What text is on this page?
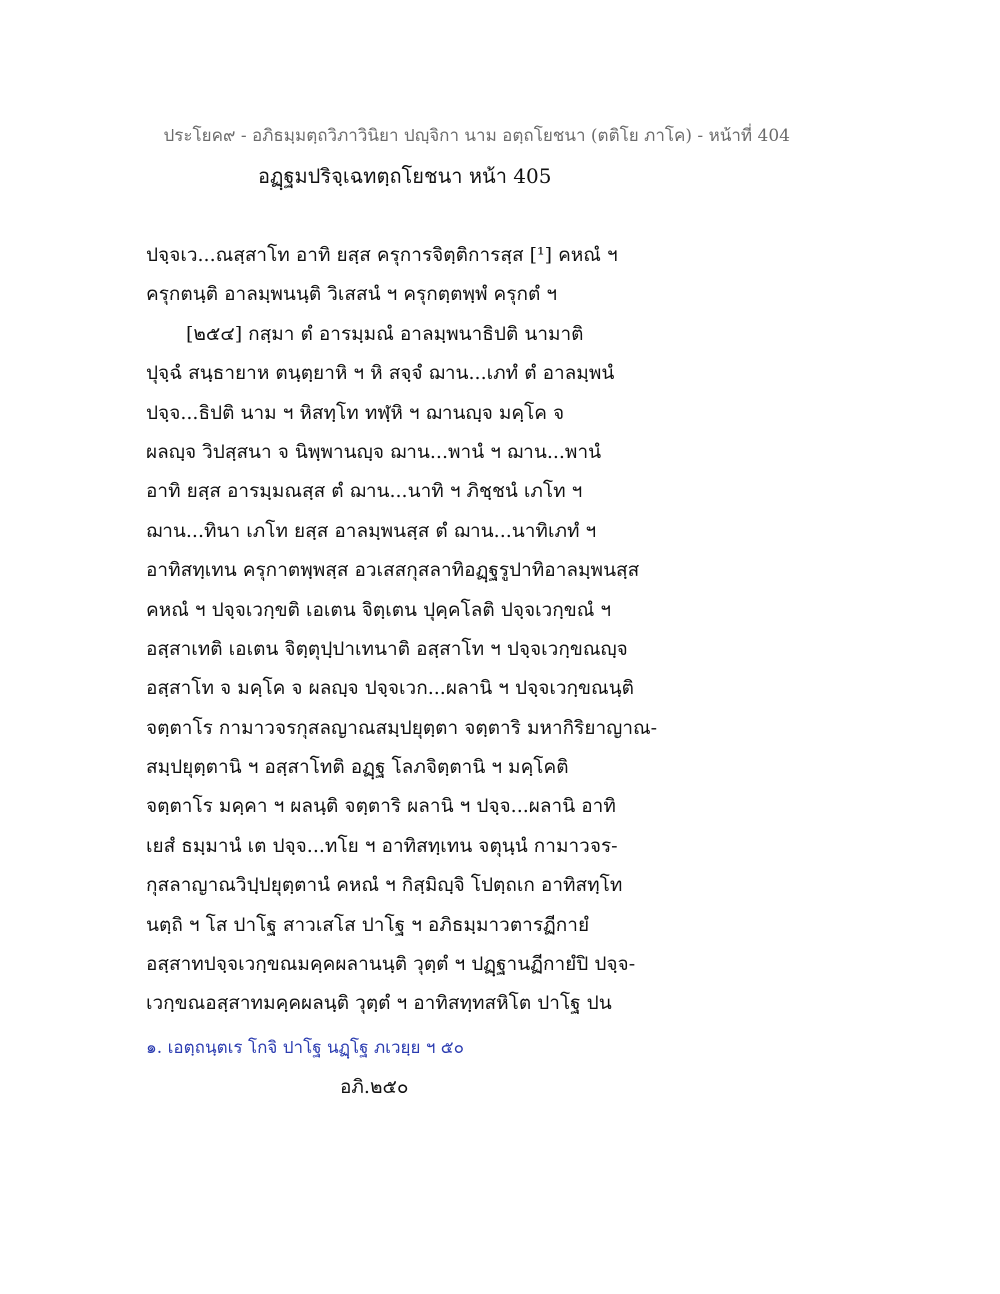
ประโยค๙ - อภิธมฺมตฺถวิภาวินิยา ปญฺจิกา นาม อตฺถโยชนา (ตติโย ภาโค) - หน้าที่ 404
อฏฺฐมปริจฺเฉทตฺถโยชนา หน้า 405
ปจฺจเว...ณสฺสาโท อาทิ ยสฺส ครุการจิตฺติการสฺส [¹] คหณํ ฯ
ครุกตนฺติ อาลมฺพนนฺติ วิเสสนํ ฯ ครุกตฺตพฺพํ ครุกตํ ฯ
[๒๕๔] กสฺมา ตํ อารมฺมณํ อาลมฺพนาธิปติ นามาติ
ปุจฺฉํ สนฺธายาห ตนฺตฺยาหิ ฯ หิ สจฺจํ ฌาน...เภทํ ตํ อาลมฺพนํ
ปจฺจ...ธิปติ นาม ฯ หิสทฺโท ทฬฺหิ ฯ ฌานญฺจ มคฺโค จ
ผลญฺจ วิปสฺสนา จ นิพฺพานญฺจ ฌาน...พานํ ฯ ฌาน...พานํ
อาทิ ยสฺส อารมฺมณสฺส ตํ ฌาน...นาทิ ฯ ภิชฺชนํ เภโท ฯ
ฌาน...ทินา เภโท ยสฺส อาลมฺพนสฺส ตํ ฌาน...นาทิเภทํ ฯ
อาทิสทฺเทน ครุกาตพฺพสฺส อวเสสกุสลาทิอฏฺฐรูปาทิอาลมฺพนสฺส
คหณํ ฯ ปจฺจเวกฺขติ เอเตน จิตฺเตน ปุคฺคโลติ ปจฺจเวกฺขณํ ฯ
อสฺสาเทติ เอเตน จิตฺตุปฺปาเทนาติ อสฺสาโท ฯ ปจฺจเวกฺขณญฺจ
อสฺสาโท จ มคฺโค จ ผลญฺจ ปจฺจเวก...ผลานิ ฯ ปจฺจเวกฺขณนฺติ
จตฺตาโร กามาวจรกุสลญาณสมฺปยุตฺตา จตฺตาริ มหากิริยาญาณ-
สมฺปยุตฺตานิ ฯ อสฺสาโทติ อฏฺฐ โลภจิตฺตานิ ฯ มคฺโคติ
จตฺตาโร มคฺคา ฯ ผลนฺติ จตฺตาริ ผลานิ ฯ ปจฺจ...ผลานิ อาทิ
เยสํ ธมฺมานํ เต ปจฺจ...ทโย ฯ อาทิสทฺเทน จตุนฺนํ กามาวจร-
กุสลาญาณวิปฺปยุตฺตานํ คหณํ ฯ กิสฺมิญฺจิ โปตฺถเก อาทิสทฺโท
นตฺถิ ฯ โส ปาโฐ สาวเสโส ปาโฐ ฯ อภิธมฺมาวตารฏีกายํ
อสฺสาทปจฺจเวกฺขณมคฺคผลานนฺติ วุตฺตํ ฯ ปฏฺฐานฏีกายํปิ ปจฺจ-
เวกฺขณอสฺสาทมคฺคผลนฺติ วุตฺตํ ฯ อาทิสทฺทสหิโต ปาโฐ ปน
๑. เอตฺถนฺตเร โกจิ ปาโฐ นฏฺโฐ ภเวยฺย ฯ ๕๐
อภิ.๒๕๐
